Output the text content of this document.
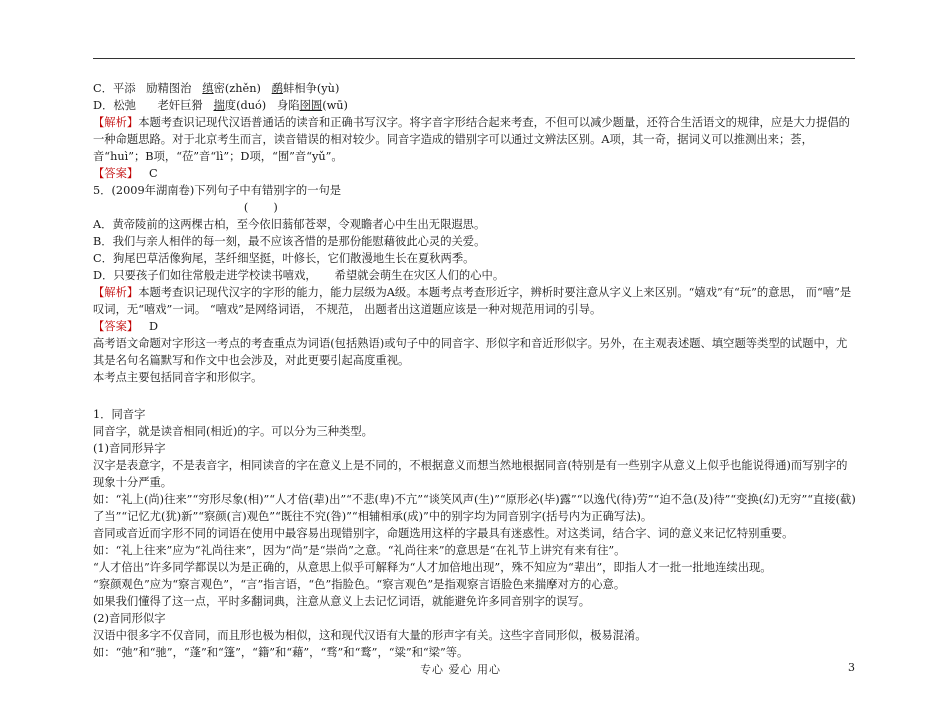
C．平添   励精图治   缜密(zhěn)   鹬蚌相争(yù)
D．松弛      老奸巨猾   揣度(duó)   身陷囹圄(wū)
【解析】本题考查识记现代汉语普通话的读音和正确书写汉字。将字音字形结合起来考查，不但可以减少题量，还符合生活语文的规律，应是大力提倡的一种命题思路。对于北京考生而言，读音错误的相对较少。同音字造成的错别字可以通过文辨法区别。A项，其一奇，据词义可以推测出来；荟，音“huì”；B项，“莅”音“lì”；D项，“囿”音“yǔ”。
【答案】   C
5．(2009年湖南卷)下列句子中有错别字的一句是
(       )
A．黄帝陵前的这两棵古柏，至今依旧蓊郁苍翠，令观瞻者心中生出无限遐思。
B．我们与亲人相伴的每一刻，最不应该吝惜的是那份能慰藉彼此心灵的关爱。
C．狗尾巴草活像狗尾，茎纤细坚挺，叶修长，它们散漫地生长在夏秋两季。
D．只要孩子们如往常般走进学校读书嘻戏，     希望就会萌生在灾区人们的心中。
【解析】本题考查识记现代汉字的字形的能力，能力层级为A级。本题考点考查形近字，辨析时要注意从字义上来区别。“嬉戏”有“玩”的意思， 而“嘻”是叹词，无“嘻戏”一词。 “嘻戏”是网络词语， 不规范， 出题者出这道题应该是一种对规范用词的引导。
【答案】   D
高考语文命题对字形这一考点的考查重点为词语(包括熟语)或句子中的同音字、形似字和音近形似字。另外，在主观表述题、填空题等类型的试题中，尤其是名句名篇默写和作文中也会涉及，对此更要引起高度重视。
本考点主要包括同音字和形似字。
1．同音字
同音字，就是读音相同(相近)的字。可以分为三种类型。
(1)音同形异字
汉字是表意字，不是表音字，相同读音的字在意义上是不同的，不根据意义而想当然地根据同音(特别是有一些别字从意义上似乎也能说得通)而写别字的现象十分严重。
如：“礼上(尚)往来”“穷形尽象(相)”“人才倍(辈)出”“不悲(卑)不亢”“谈笑风声(生)”“原形必(毕)露”“以逸代(待)劳”“迫不急(及)待”“变换(幻)无穷”“直接(截)了当”“记忆尤(犹)新”“察颜(言)观色”“既往不究(咎)”“相辅相承(成)”中的别字均为同音别字(括号内为正确写法)。
音同或音近而字形不同的词语在使用中最容易出现错别字，命题选用这样的字最具有迷惑性。对这类词，结合字、词的意义来记忆特别重要。
如：“礼上往来”应为“礼尚往来”，因为“尚”是“崇尚”之意。“礼尚往来”的意思是“在礼节上讲究有来有往”。
“人才倍出”许多同学都误以为是正确的，从意思上似乎可解释为“人才加倍地出现”，殊不知应为“辈出”，即指人才一批一批地连续出现。
“察颜观色”应为“察言观色”，“言”指言语，“色”指脸色。“察言观色”是指观察言语脸色来揣摩对方的心意。
如果我们懂得了这一点，平时多翻词典，注意从意义上去记忆词语，就能避免许多同音别字的误写。
(2)音同形似字
汉语中很多字不仅音同，而且形也极为相似，这和现代汉语有大量的形声字有关。这些字音同形似，极易混淆。
如：“弛”和“驰”，“蓬”和“篷”，“籍”和“藉”，“骛”和“鹜”，“粱”和“梁”等。
专心 爱心 用心	3
